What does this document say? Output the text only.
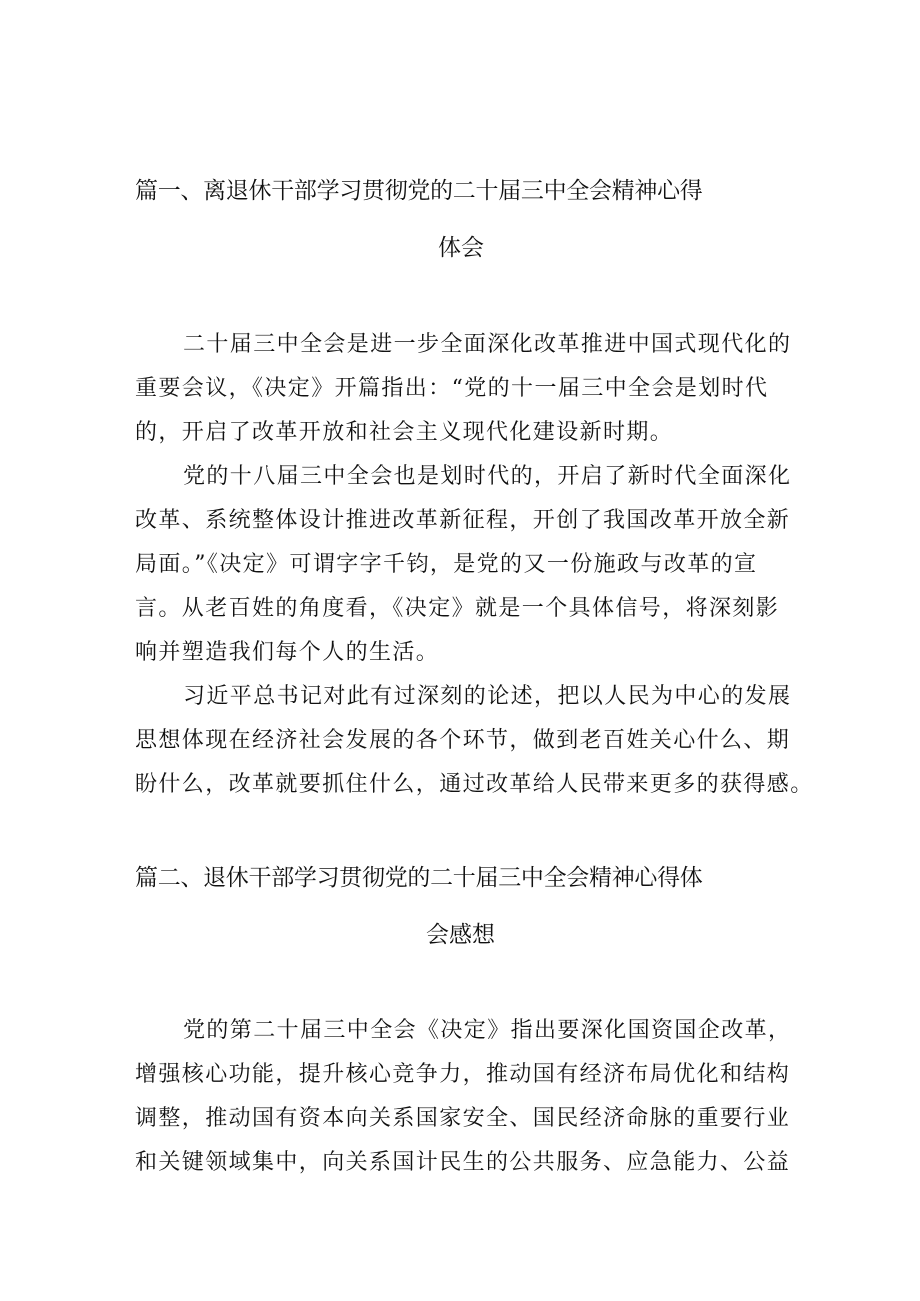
篇一、离退休干部学习贯彻党的二十届三中全会精神心得
体会
二十届三中全会是进一步全面深化改革推进中国式现代化的
重要会议，《决定》开篇指出：“党的十一届三中全会是划时代
的，开启了改革开放和社会主义现代化建设新时期。
党的十八届三中全会也是划时代的，开启了新时代全面深化
改革、系统整体设计推进改革新征程，开创了我国改革开放全新
局面。”《决定》可谓字字千钧，是党的又一份施政与改革的宣
言。从老百姓的角度看，《决定》就是一个具体信号，将深刻影
响并塑造我们每个人的生活。
习近平总书记对此有过深刻的论述，把以人民为中心的发展
思想体现在经济社会发展的各个环节，做到老百姓关心什么、期
盼什么，改革就要抓住什么，通过改革给人民带来更多的获得感。
篇二、退休干部学习贯彻党的二十届三中全会精神心得体
会感想
党的第二十届三中全会《决定》指出要深化国资国企改革，
增强核心功能，提升核心竞争力，推动国有经济布局优化和结构
调整，推动国有资本向关系国家安全、国民经济命脉的重要行业
和关键领域集中，向关系国计民生的公共服务、应急能力、公益
